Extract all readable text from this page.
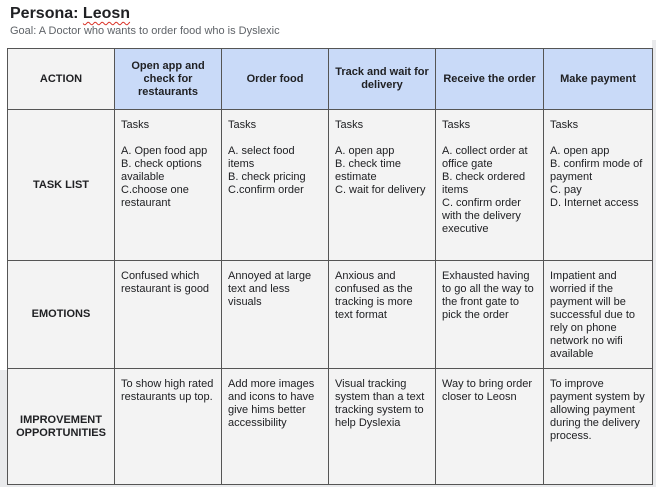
Persona: Leosn
Goal: A Doctor who wants to order food who is Dyslexic
ACTION	Open app and check for restaurants	Order food	Track and wait for delivery	Receive the order	Make payment
TASK LIST	Tasks
A. Open food app
B. check options available
C.choose one restaurant	Tasks
A. select food items
B. check pricing
C.confirm order	Tasks
A. open app
B. check time estimate
C. wait for delivery	Tasks
A. collect order at office gate
B. check ordered items
C. confirm order with the delivery executive	Tasks
A. open app
B. confirm mode of payment
C. pay
D. Internet access

EMOTIONS	Confused which restaurant is good	Annoyed at large text and less visuals	Anxious and confused as the tracking is more text format	Exhausted having to go all the way to the front gate to pick the order	Impatient and worried if the payment will be successful due to rely on phone network no wifi available
IMPROVEMENT OPPORTUNITIES	To show high rated restaurants up top.	Add more images and icons to have give hims better accessibility	Visual tracking system than a text tracking system to help Dyslexia	Way to bring order closer to Leosn	To improve payment system by allowing payment during the delivery process.
